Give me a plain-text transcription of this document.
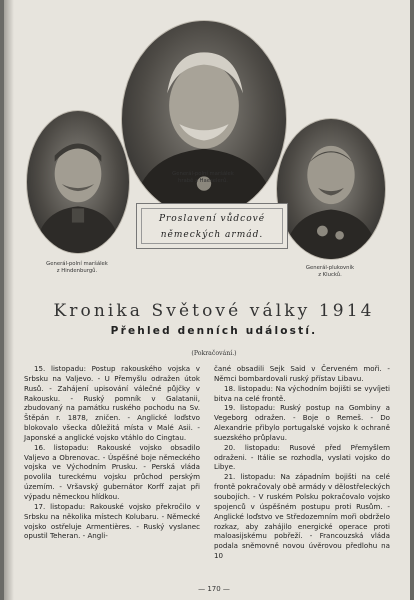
Generál-polní maršálek
z Hindenburgů.
Generál-polní maršálek
hrabě z Haeselerů.
Generál-plukovník
z Klucků.
Proslavení vůdcové
německých armád.
Kronika Světové války 1914
Přehled denních událostí.
(Pokračování.)

15. listopadu: Postup rakouského vojska v Srbsku na Valjevo. - U Přemyšlu odražen útok Rusů. - Zahájení upisování válečné půjčky v Rakousku. - Ruský pomník v Galatanii, zbudovaný na památku ruského pochodu na Sv. Štěpán r. 1878, zničen. - Anglické loďstvo blokovalo všecka důležitá místa v Malé Asii. - Japonské a anglické vojsko vtáhlo do Cingtau.

16. listopadu: Rakouské vojsko obsadilo Valjevo a Obrenovac. - Úspěšné boje německého vojska ve Východním Prusku. - Perská vláda povolila tureckému vojsku průchod perským územím. - Vršavský gubernátor Korff zajat při výpadu německou hlídkou.

17. listopadu: Rakouské vojsko překročilo v Srbsku na několika místech Kolubaru. - Německé vojsko ostřeluje Armentières. - Ruský vyslanec opustil Teheran. - Angli-

čané obsadili Sejk Said v Červeném moři. - Němci bombardovali ruský přístav Libavu.

18. listopadu: Na východním bojišti se vyvíjeti bitva na celé frontě.

19. listopadu: Ruský postup na Gombiny a Vegeborg odražen. - Boje o Remeš. - Do Alexandrie přibylo portugalské vojsko k ochraně suezského průplavu.

20. listopadu: Rusové před Přemyšlem odraženi. - Itálie se rozhodla, vyslati vojsko do Libye.

21. listopadu: Na západním bojišti na celé frontě pokračovaly obě armády v dělostřeleckých soubojích. - V ruském Polsku pokračovalo vojsko spojenců v úspěšném postupu proti Rusům. - Anglické loďstvo ve Středozemním moři obdrželo rozkaz, aby zahájilo energické operace proti maloasijskému pobřeží. - Francouzská vláda podala sněmovně novou úvěrovou předlohu na 10

— 170 —
